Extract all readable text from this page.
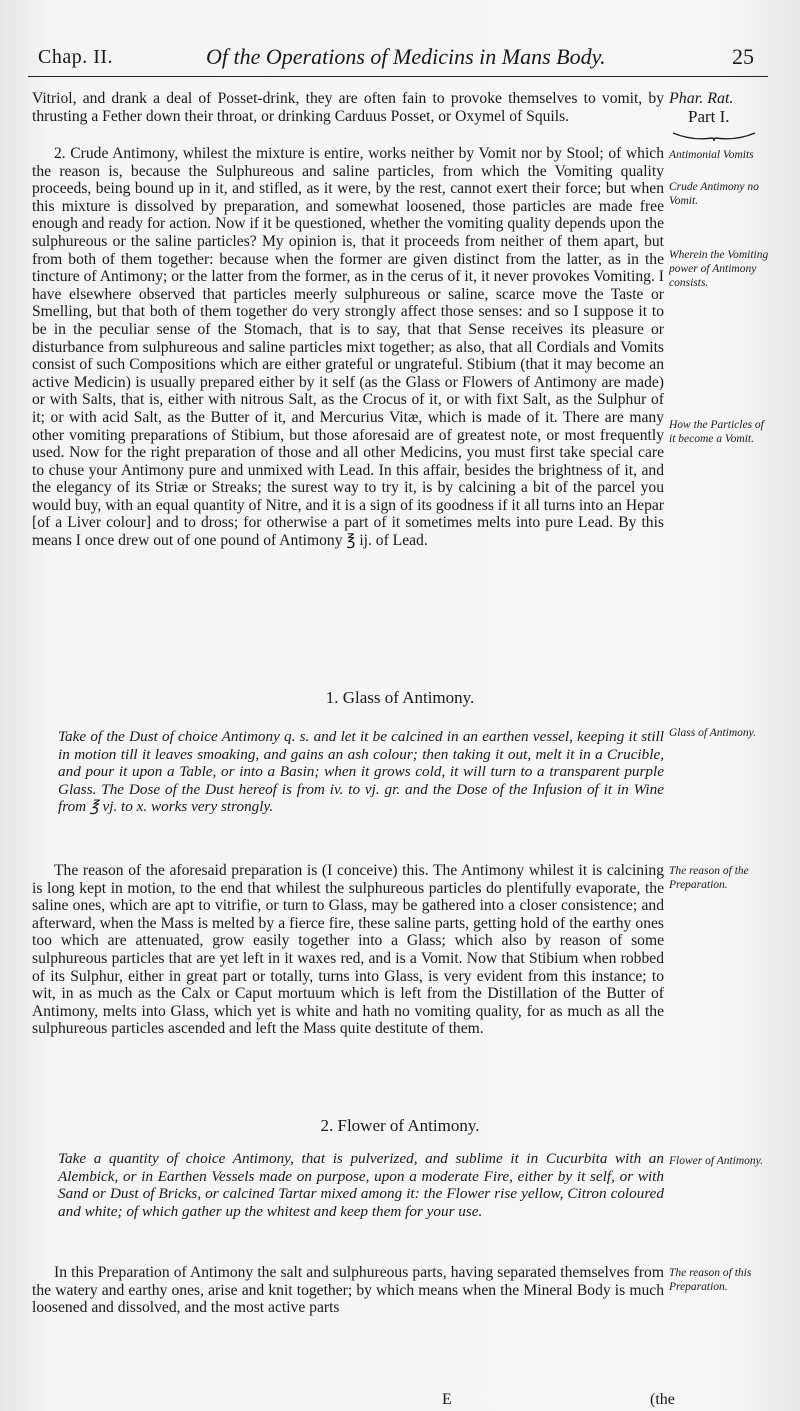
Chap. II.	Of the Operations of Medicins in Mans Body.	25

Vitriol, and drank a deal of Posset-drink, they are often fain to provoke themselves to vomit, by thrusting a Fether down their throat, or drinking Carduus Posset, or Oxymel of Squils.

2. Crude Antimony, whilest the mixture is entire, works neither by Vomit nor by Stool; of which the reason is, because the Sulphureous and saline particles, from which the Vomiting quality proceeds, being bound up in it, and stifled, as it were, by the rest, cannot exert their force; but when this mixture is dissolved by preparation, and somewhat loosened, those particles are made free enough and ready for action. Now if it be questioned, whether the vomiting quality depends upon the sulphureous or the saline particles? My opinion is, that it proceeds from neither of them apart, but from both of them together: because when the former are given distinct from the latter, as in the tincture of Antimony; or the latter from the former, as in the cerus of it, it never provokes Vomiting. I have elsewhere observed that particles meerly sulphureous or saline, scarce move the Taste or Smelling, but that both of them together do very strongly affect those senses: and so I suppose it to be in the peculiar sense of the Stomach, that is to say, that that Sense receives its pleasure or disturbance from sulphureous and saline particles mixt together; as also, that all Cordials and Vomits consist of such Compositions which are either grateful or ungrateful. Stibium (that it may become an active Medicin) is usually prepared either by it self (as the Glass or Flowers of Antimony are made) or with Salts, that is, either with nitrous Salt, as the Crocus of it, or with fixt Salt, as the Sulphur of it; or with acid Salt, as the Butter of it, and Mercurius Vitæ, which is made of it. There are many other vomiting preparations of Stibium, but those aforesaid are of greatest note, or most frequently used. Now for the right preparation of those and all other Medicins, you must first take special care to chuse your Antimony pure and unmixed with Lead. In this affair, besides the brightness of it, and the elegancy of its Striæ or Streaks; the surest way to try it, is by calcining a bit of the parcel you would buy, with an equal quantity of Nitre, and it is a sign of its goodness if it all turns into an Hepar [of a Liver colour] and to dross; for otherwise a part of it sometimes melts into pure Lead. By this means I once drew out of one pound of Antimony ℥ ij. of Lead.

1. Glass of Antimony.

Take of the Dust of choice Antimony q. s. and let it be calcined in an earthen vessel, keeping it still in motion till it leaves smoaking, and gains an ash colour; then taking it out, melt it in a Crucible, and pour it upon a Table, or into a Basin; when it grows cold, it will turn to a transparent purple Glass. The Dose of the Dust hereof is from iv. to vj. gr. and the Dose of the Infusion of it in Wine from ℥ vj. to x. works very strongly.

The reason of the aforesaid preparation is (I conceive) this. The Antimony whilest it is calcining is long kept in motion, to the end that whilest the sulphureous particles do plentifully evaporate, the saline ones, which are apt to vitrifie, or turn to Glass, may be gathered into a closer consistence; and afterward, when the Mass is melted by a fierce fire, these saline parts, getting hold of the earthy ones too which are attenuated, grow easily together into a Glass; which also by reason of some sulphureous particles that are yet left in it waxes red, and is a Vomit. Now that Stibium when robbed of its Sulphur, either in great part or totally, turns into Glass, is very evident from this instance; to wit, in as much as the Calx or Caput mortuum which is left from the Distillation of the Butter of Antimony, melts into Glass, which yet is white and hath no vomiting quality, for as much as all the sulphureous particles ascended and left the Mass quite destitute of them.

2. Flower of Antimony.

Take a quantity of choice Antimony, that is pulverized, and sublime it in Cucurbita with an Alembick, or in Earthen Vessels made on purpose, upon a moderate Fire, either by it self, or with Sand or Dust of Bricks, or calcined Tartar mixed among it: the Flower rise yellow, Citron coloured and white; of which gather up the whitest and keep them for your use.

In this Preparation of Antimony the salt and sulphureous parts, having separated themselves from the watery and earthy ones, arise and knit together; by which means when the Mineral Body is much loosened and dissolved, and the most active parts

Phar. Rat.
Part I.
Antimonial Vomits
Crude Antimony no Vomit.
Wherein the Vomiting power of Antimony consists.
How the Particles of it become a Vomit.
Glass of Antimony.
The reason of the Preparation.
Flower of Antimony.
The reason of this Preparation.
E	(the
